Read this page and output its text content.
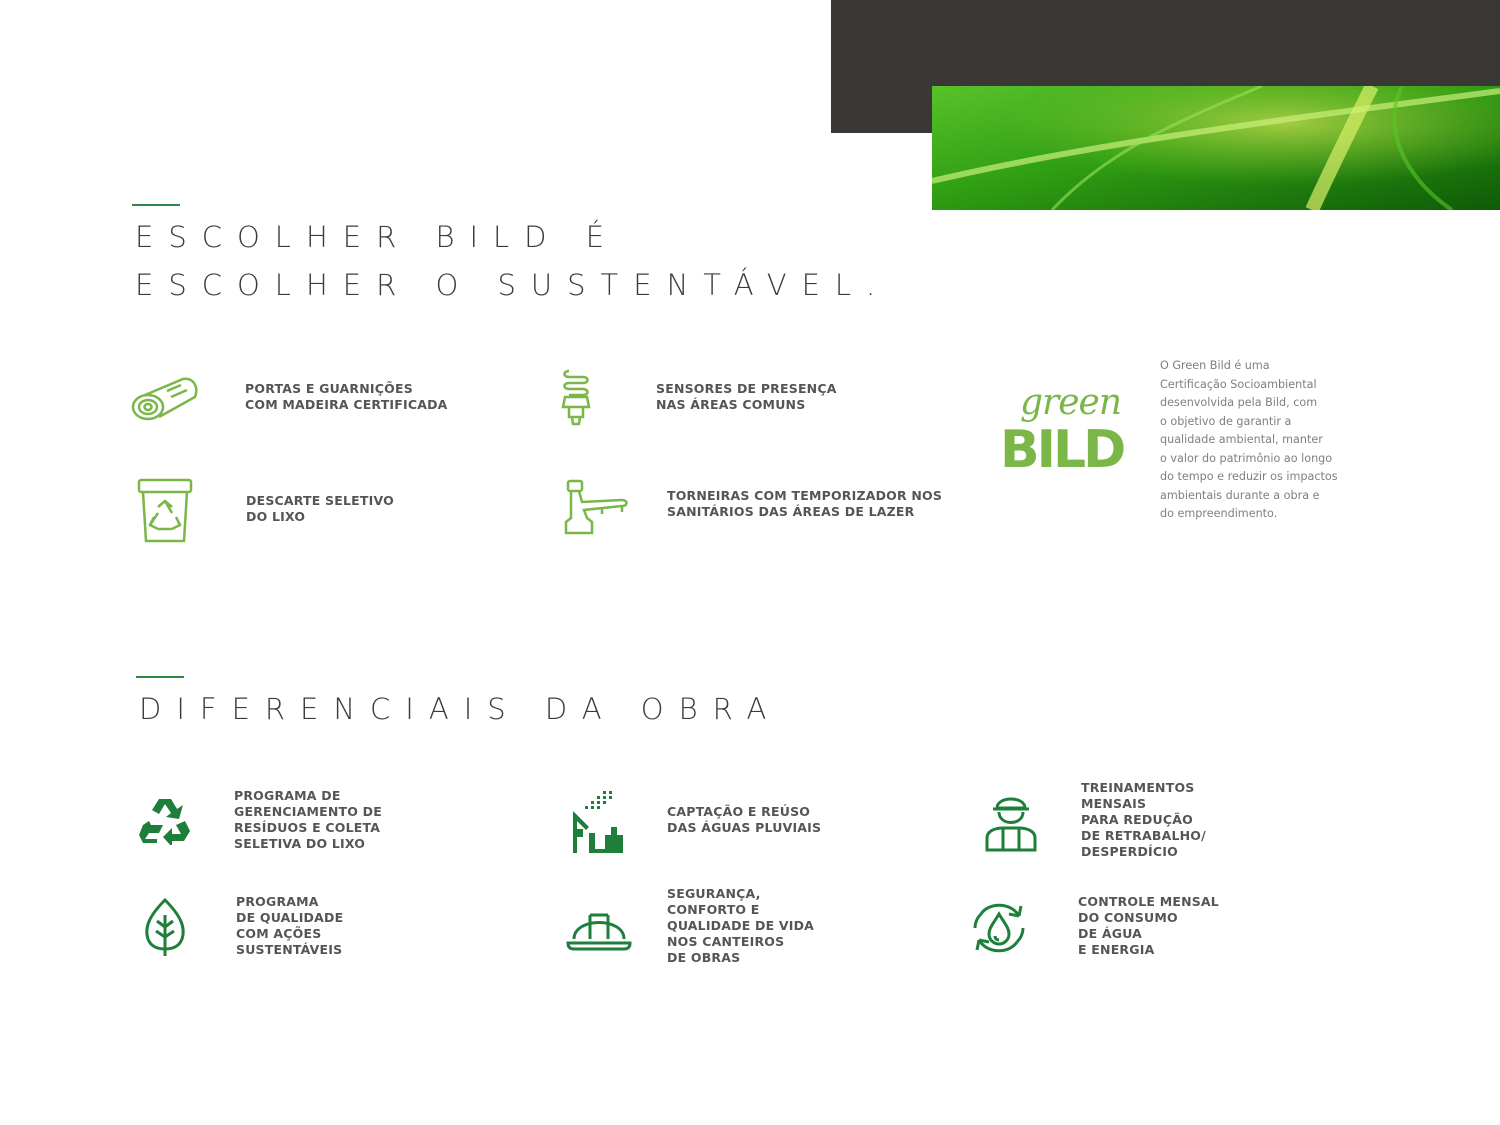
ESCOLHER BILD É
ESCOLHER O SUSTENTÁVEL.
PORTAS E GUARNIÇÕES
COM MADEIRA CERTIFICADA
SENSORES DE PRESENÇA
NAS ÁREAS COMUNS
DESCARTE SELETIVO
DO LIXO
TORNEIRAS COM TEMPORIZADOR NOS
SANITÁRIOS DAS ÁREAS DE LAZER
green
BILD
O Green Bild é uma
Certificação Socioambiental
desenvolvida pela Bild, com
o objetivo de garantir a
qualidade ambiental, manter
o valor do patrimônio ao longo
do tempo e reduzir os impactos
ambientais durante a obra e
do empreendimento.
DIFERENCIAIS DA OBRA
PROGRAMA DE
GERENCIAMENTO DE
RESÍDUOS E COLETA
SELETIVA DO LIXO
CAPTAÇÃO E REÚSO
DAS ÁGUAS PLUVIAIS
TREINAMENTOS
MENSAIS
PARA REDUÇÃO
DE RETRABALHO/
DESPERDÍCIO
PROGRAMA
DE QUALIDADE
COM AÇÕES
SUSTENTÁVEIS
SEGURANÇA,
CONFORTO E
QUALIDADE DE VIDA
NOS CANTEIROS
DE OBRAS
CONTROLE MENSAL
DO CONSUMO
DE ÁGUA
E ENERGIA
